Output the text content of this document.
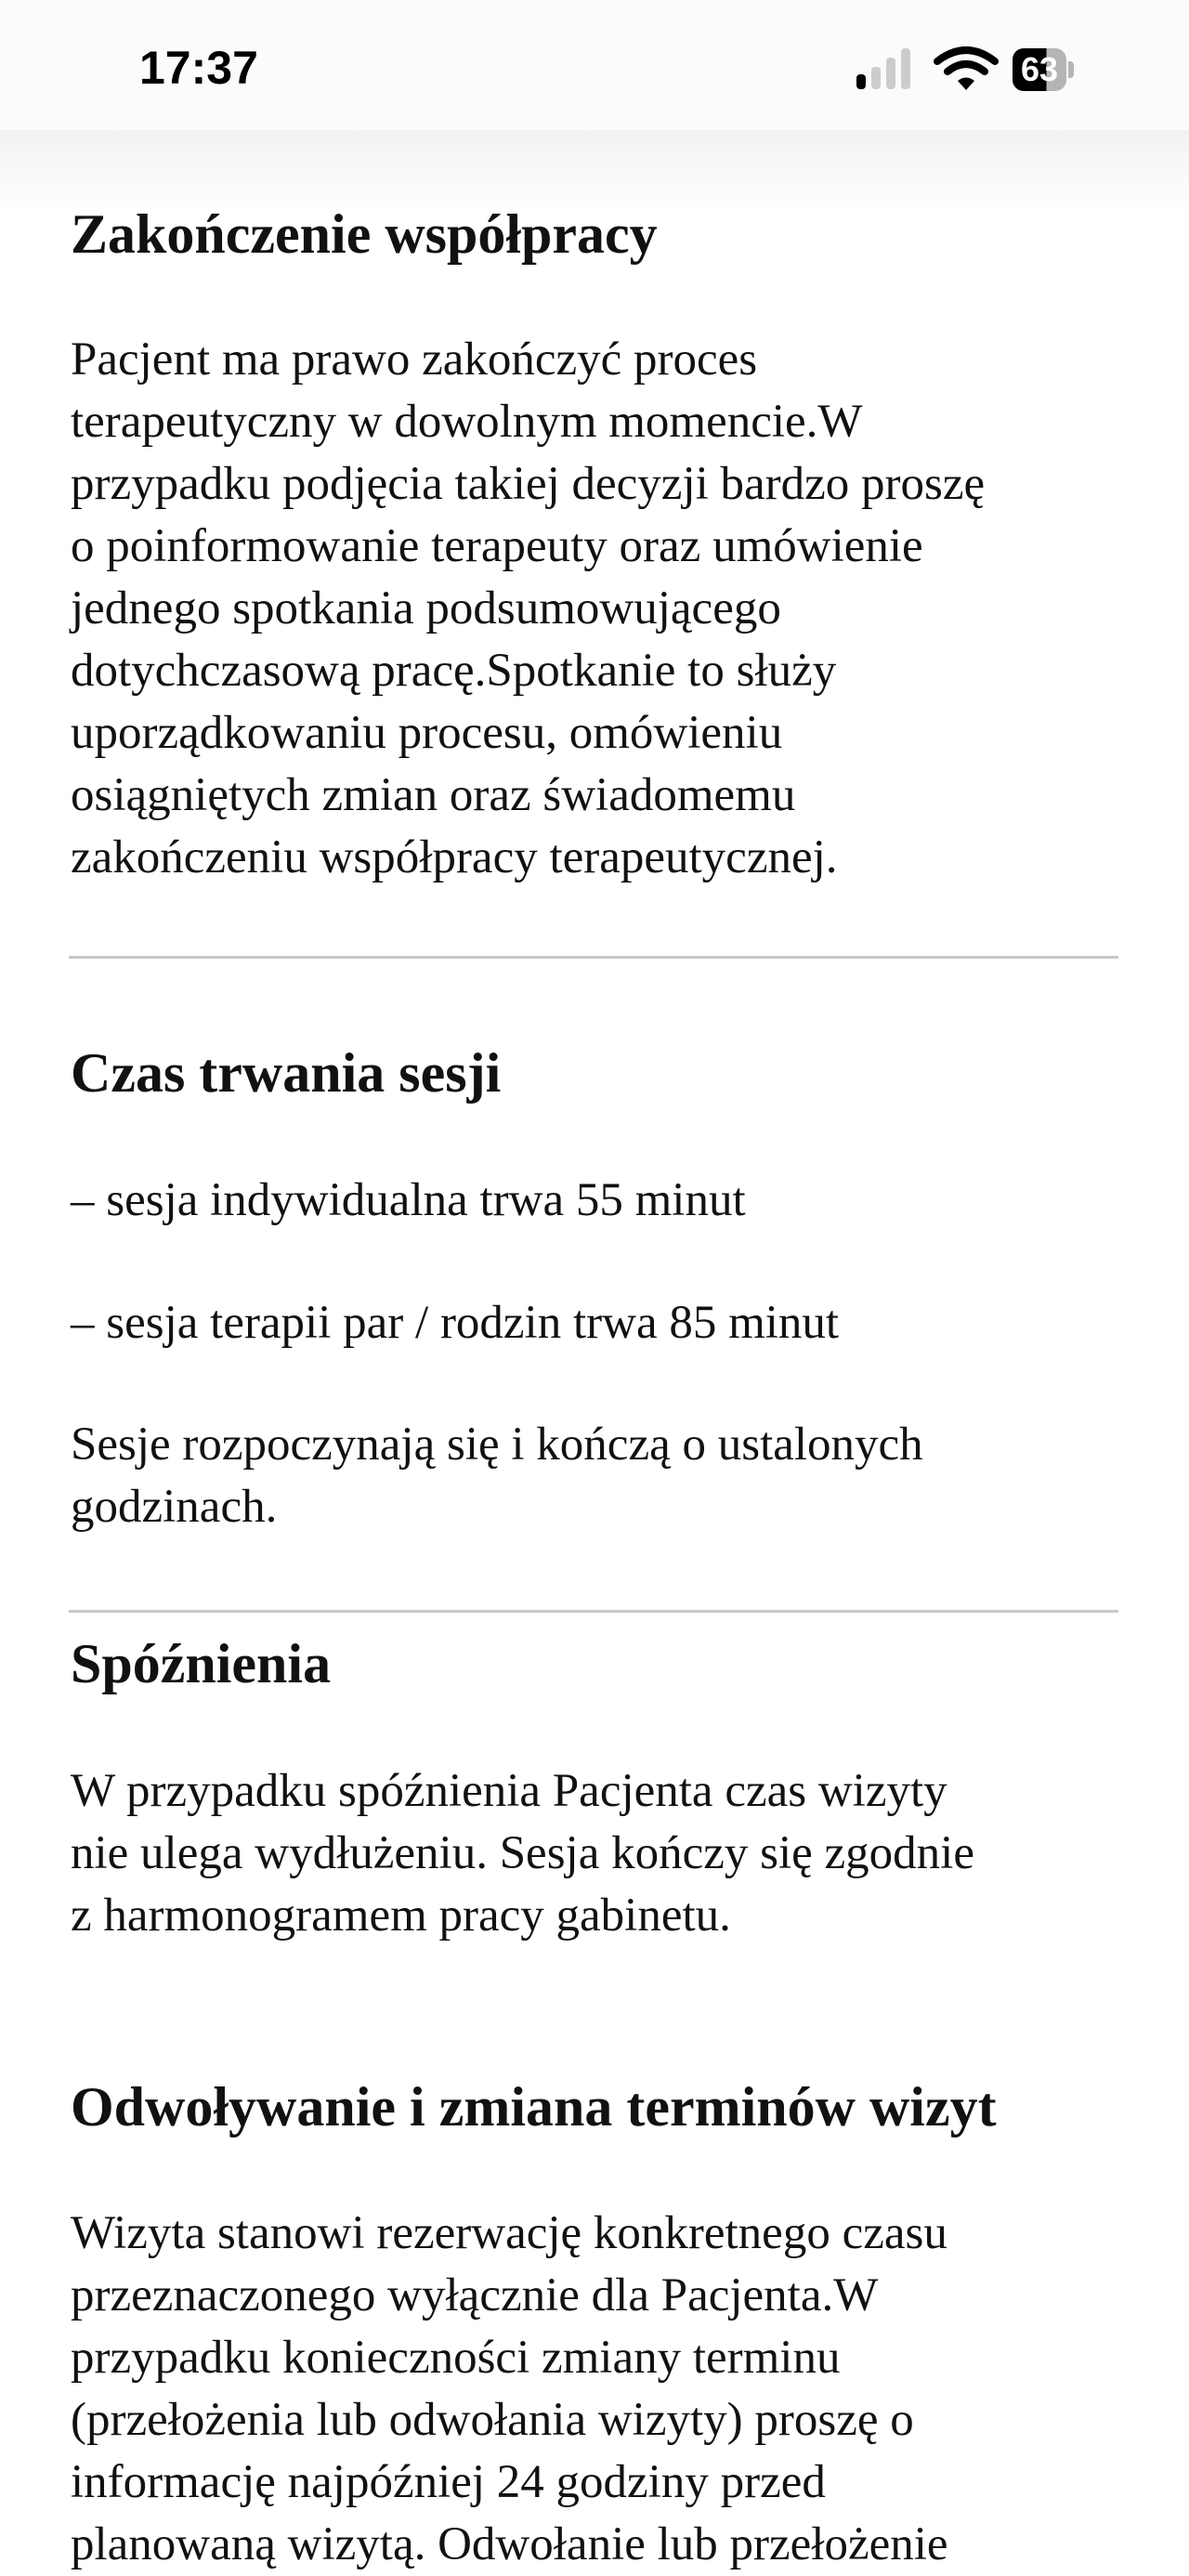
17:37	63
Zakończenie współpracy
Pacjent ma prawo zakończyć proces
terapeutyczny w dowolnym momencie.W
przypadku podjęcia takiej decyzji bardzo proszę
o poinformowanie terapeuty oraz umówienie
jednego spotkania podsumowującego
dotychczasową pracę.Spotkanie to służy
uporządkowaniu procesu, omówieniu
osiągniętych zmian oraz świadomemu
zakończeniu współpracy terapeutycznej.
Czas trwania sesji
– sesja indywidualna trwa 55 minut
– sesja terapii par / rodzin trwa 85 minut
Sesje rozpoczynają się i kończą o ustalonych
godzinach.
Spóźnienia
W przypadku spóźnienia Pacjenta czas wizyty
nie ulega wydłużeniu. Sesja kończy się zgodnie
z harmonogramem pracy gabinetu.
Odwoływanie i zmiana terminów wizyt
Wizyta stanowi rezerwację konkretnego czasu
przeznaczonego wyłącznie dla Pacjenta.W
przypadku konieczności zmiany terminu
(przełożenia lub odwołania wizyty) proszę o
informację najpóźniej 24 godziny przed
planowaną wizytą. Odwołanie lub przełożenie
